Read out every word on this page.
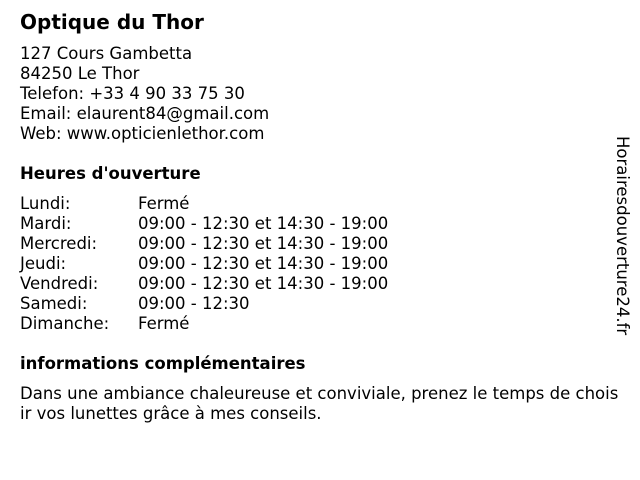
Optique du Thor
127 Cours Gambetta
84250 Le Thor
Telefon: +33 4 90 33 75 30
Email: elaurent84@gmail.com
Web: www.opticienlethor.com
Heures d'ouverture
Lundi:	Fermé
Mardi:	09:00 - 12:30 et 14:30 - 19:00
Mercredi:	09:00 - 12:30 et 14:30 - 19:00
Jeudi:	09:00 - 12:30 et 14:30 - 19:00
Vendredi:	09:00 - 12:30 et 14:30 - 19:00
Samedi:	09:00 - 12:30
Dimanche:	Fermé
informations complémentaires
Dans une ambiance chaleureuse et conviviale, prenez le temps de choisir vos lunettes grâce à mes conseils.
Horairesdouverture24.fr
